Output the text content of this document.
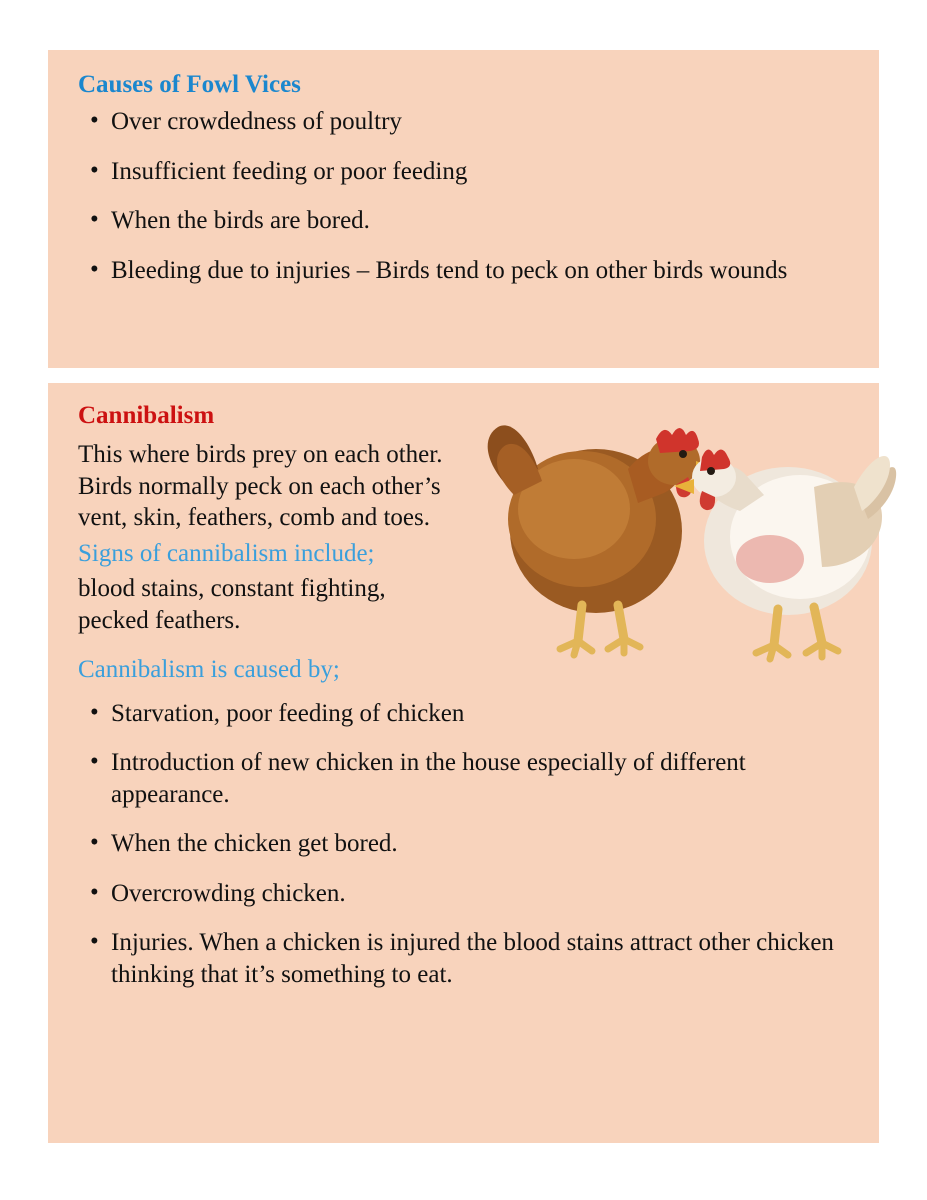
Causes of Fowl Vices
• Over crowdedness of poultry
• Insufficient feeding or poor feeding
• When the birds are bored.
• Bleeding due to injuries – Birds tend to peck on other birds wounds
Cannibalism

This where birds prey on each other. Birds normally peck on each other’s vent, skin, feathers, comb and toes.

Signs of cannibalism include;

blood stains, constant fighting, pecked feathers.

Cannibalism is caused by;

• Starvation, poor feeding of chicken
• Introduction of new chicken in the house especially of different appearance.
• When the chicken get bored.
• Overcrowding chicken.
• Injuries. When a chicken is injured the blood stains attract other chicken thinking that it’s something to eat.
